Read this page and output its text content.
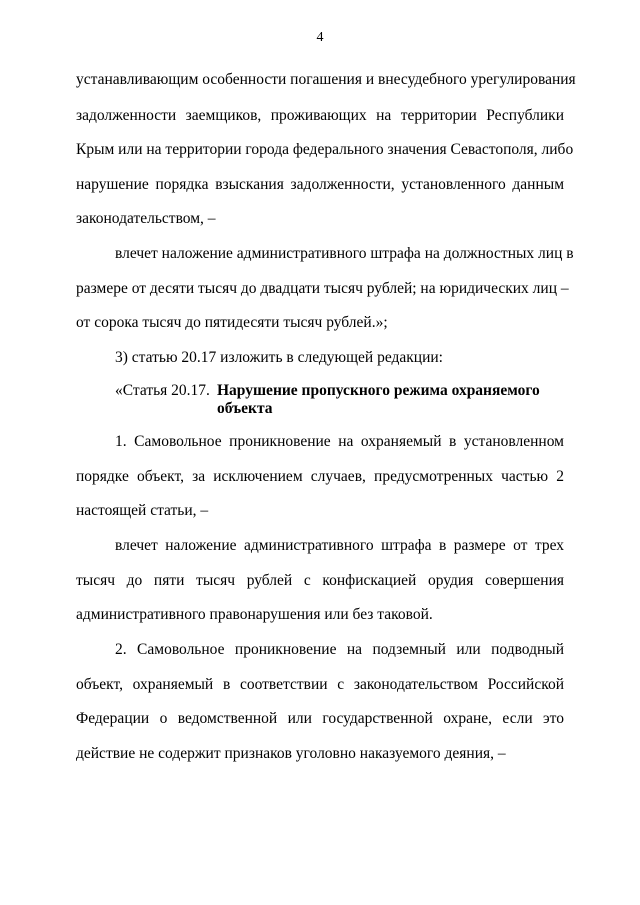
4
устанавливающим особенности погашения и внесудебного урегулирования
задолженности заемщиков, проживающих на территории Республики
Крым или на территории города федерального значения Севастополя, либо
нарушение порядка взыскания задолженности, установленного данным
законодательством, –
влечет наложение административного штрафа на должностных лиц в
размере от десяти тысяч до двадцати тысяч рублей; на юридических лиц –
от сорока тысяч до пятидесяти тысяч рублей.»;
3) статью 20.17 изложить в следующей редакции:
«Статья 20.17. Нарушение пропускного режима охраняемого
объекта
1. Самовольное проникновение на охраняемый в установленном
порядке объект, за исключением случаев, предусмотренных частью 2
настоящей статьи, –
влечет наложение административного штрафа в размере от трех
тысяч до пяти тысяч рублей с конфискацией орудия совершения
административного правонарушения или без таковой.
2. Самовольное проникновение на подземный или подводный
объект, охраняемый в соответствии с законодательством Российской
Федерации о ведомственной или государственной охране, если это
действие не содержит признаков уголовно наказуемого деяния, –
